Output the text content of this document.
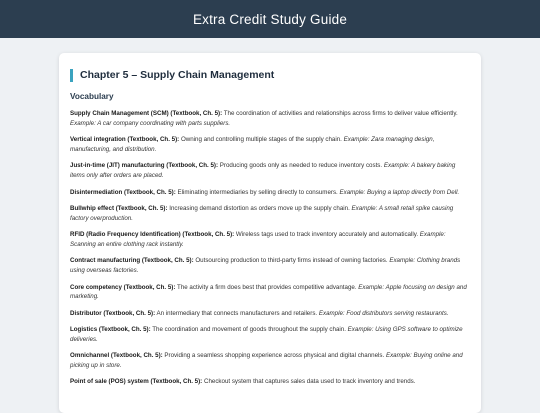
Extra Credit Study Guide
Chapter 5 – Supply Chain Management
Vocabulary

Supply Chain Management (SCM) (Textbook, Ch. 5): The coordination of activities and relationships across firms to deliver value efficiently. Example: A car company coordinating with parts suppliers.

Vertical integration (Textbook, Ch. 5): Owning and controlling multiple stages of the supply chain. Example: Zara managing design, manufacturing, and distribution.

Just-in-time (JIT) manufacturing (Textbook, Ch. 5): Producing goods only as needed to reduce inventory costs. Example: A bakery baking items only after orders are placed.

Disintermediation (Textbook, Ch. 5): Eliminating intermediaries by selling directly to consumers. Example: Buying a laptop directly from Dell.

Bullwhip effect (Textbook, Ch. 5): Increasing demand distortion as orders move up the supply chain. Example: A small retail spike causing factory overproduction.

RFID (Radio Frequency Identification) (Textbook, Ch. 5): Wireless tags used to track inventory accurately and automatically. Example: Scanning an entire clothing rack instantly.

Contract manufacturing (Textbook, Ch. 5): Outsourcing production to third-party firms instead of owning factories. Example: Clothing brands using overseas factories.

Core competency (Textbook, Ch. 5): The activity a firm does best that provides competitive advantage. Example: Apple focusing on design and marketing.

Distributor (Textbook, Ch. 5): An intermediary that connects manufacturers and retailers. Example: Food distributors serving restaurants.

Logistics (Textbook, Ch. 5): The coordination and movement of goods throughout the supply chain. Example: Using GPS software to optimize deliveries.

Omnichannel (Textbook, Ch. 5): Providing a seamless shopping experience across physical and digital channels. Example: Buying online and picking up in store.

Point of sale (POS) system (Textbook, Ch. 5): Checkout system that captures sales data used to track inventory and trends.
